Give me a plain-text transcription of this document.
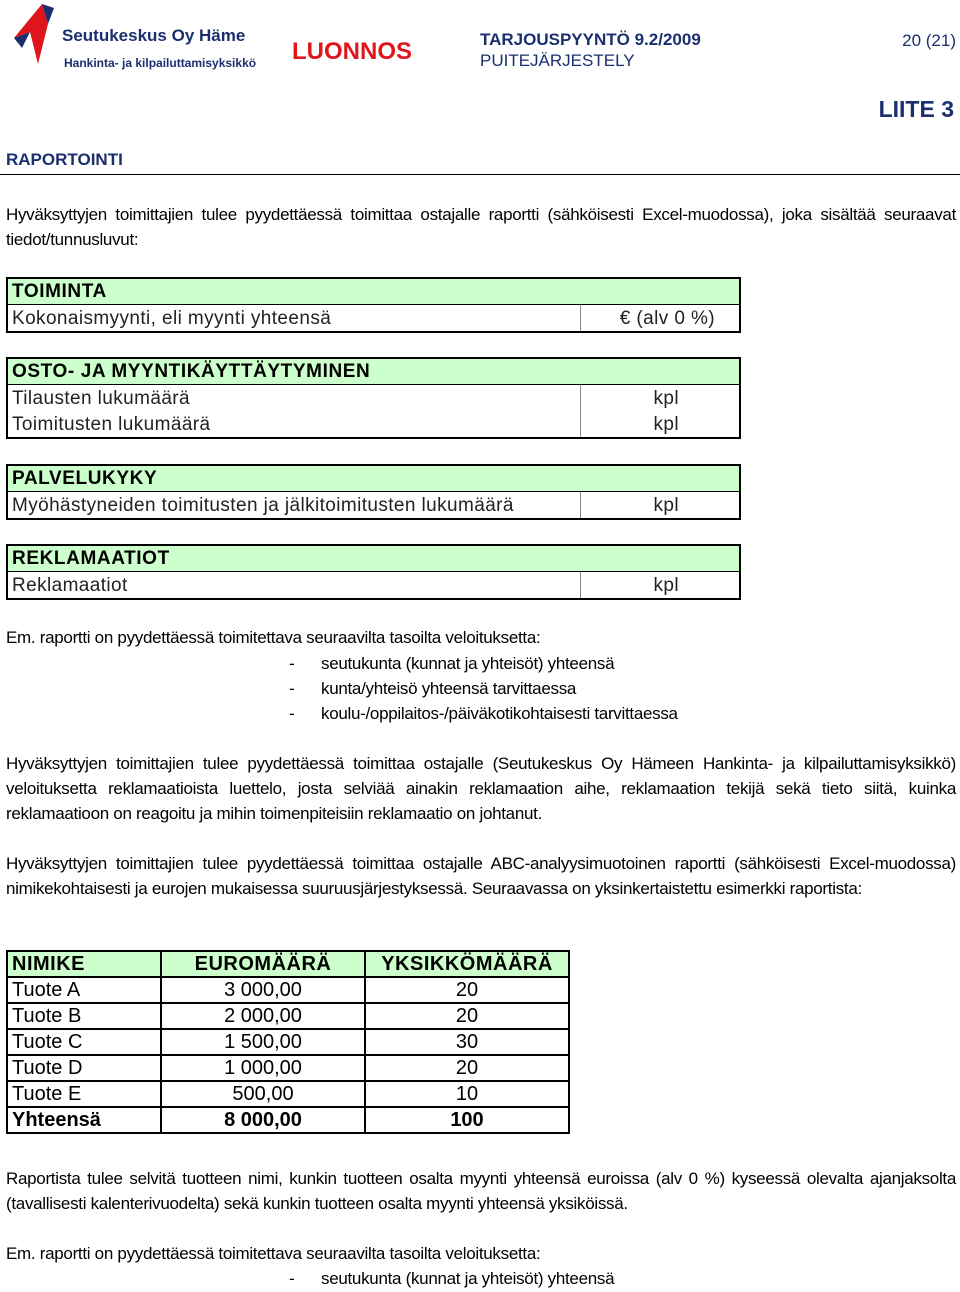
Seutukeskus Oy Häme
Hankinta- ja kilpailuttamisyksikkö LUONNOS	TARJOUSPYYNTÖ 9.2/2009
PUITEJÄRJESTELY
20 (21)
LIITE 3
RAPORTOINTI
Hyväksyttyjen toimittajien tulee pyydettäessä toimittaa ostajalle raportti (sähköisesti Excel-muodossa), joka sisältää seuraavat tiedot/tunnusluvut:
TOIMINTA
Kokonaismyynti, eli myynti yhteensä	€ (alv 0 %)
OSTO- JA MYYNTIKÄYTTÄYTYMINEN
Tilausten lukumäärä	kpl
Toimitusten lukumäärä	kpl
PALVELUKYKY
Myöhästyneiden toimitusten ja jälkitoimitusten lukumäärä	kpl
REKLAMAATIOT
Reklamaatiot	kpl
Em. raportti on pyydettäessä toimitettava seuraavilta tasoilta veloituksetta:
- seutukunta (kunnat ja yhteisöt) yhteensä
- kunta/yhteisö yhteensä tarvittaessa
- koulu-/oppilaitos-/päiväkotikohtaisesti tarvittaessa
Hyväksyttyjen toimittajien tulee pyydettäessä toimittaa ostajalle (Seutukeskus Oy Hämeen Hankinta- ja kilpailuttamisyksikkö) veloituksetta reklamaatioista luettelo, josta selviää ainakin reklamaation aihe, reklamaation tekijä sekä tieto siitä, kuinka reklamaatioon on reagoitu ja mihin toimenpiteisiin reklamaatio on johtanut.
Hyväksyttyjen toimittajien tulee pyydettäessä toimittaa ostajalle ABC-analyysimuotoinen raportti (sähköisesti Excel-muodossa) nimikekohtaisesti ja eurojen mukaisessa suuruusjärjestyksessä. Seuraavassa on yksinkertaistettu esimerkki raportista:
NIMIKE	EUROMÄÄRÄ	YKSIKKÖMÄÄRÄ
Tuote A	3 000,00	20
Tuote B	2 000,00	20
Tuote C	1 500,00	30
Tuote D	1 000,00	20
Tuote E	500,00	10
Yhteensä	8 000,00	100
Raportista tulee selvitä tuotteen nimi, kunkin tuotteen osalta myynti yhteensä euroissa (alv 0 %) kyseessä olevalta ajanjaksolta (tavallisesti kalenterivuodelta) sekä kunkin tuotteen osalta myynti yhteensä yksiköissä.
Em. raportti on pyydettäessä toimitettava seuraavilta tasoilta veloituksetta:
- seutukunta (kunnat ja yhteisöt) yhteensä
